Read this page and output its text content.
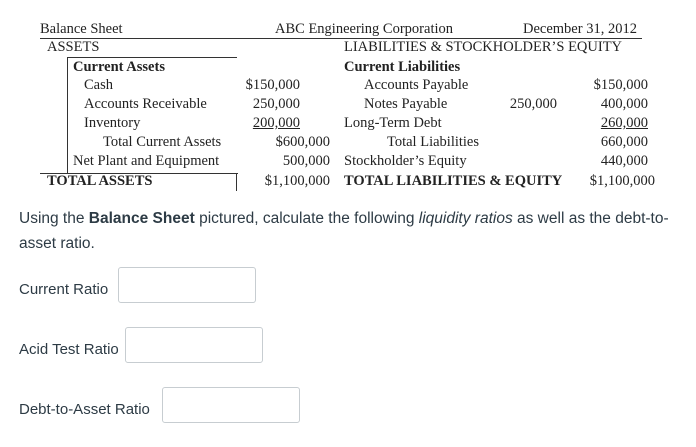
Balance Sheet	ABC Engineering Corporation	December 31, 2012
ASSETS	LIABILITIES & STOCKHOLDER’S EQUITY
Current Assets
Cash	$150,000
Accounts Receivable	250,000
Inventory	200,000
Total Current Assets	$600,000
Net Plant and Equipment	500,000
TOTAL ASSETS	$1,100,000
Current Liabilities
Accounts Payable	$150,000
Notes Payable	250,000	400,000
Long-Term Debt	260,000
Total Liabilities	660,000
Stockholder’s Equity	440,000
TOTAL LIABILITIES & EQUITY $1,100,000
Using the Balance Sheet pictured, calculate the following liquidity ratios as well as the debt-to-asset ratio.
Current Ratio
Acid Test Ratio
Debt-to-Asset Ratio
